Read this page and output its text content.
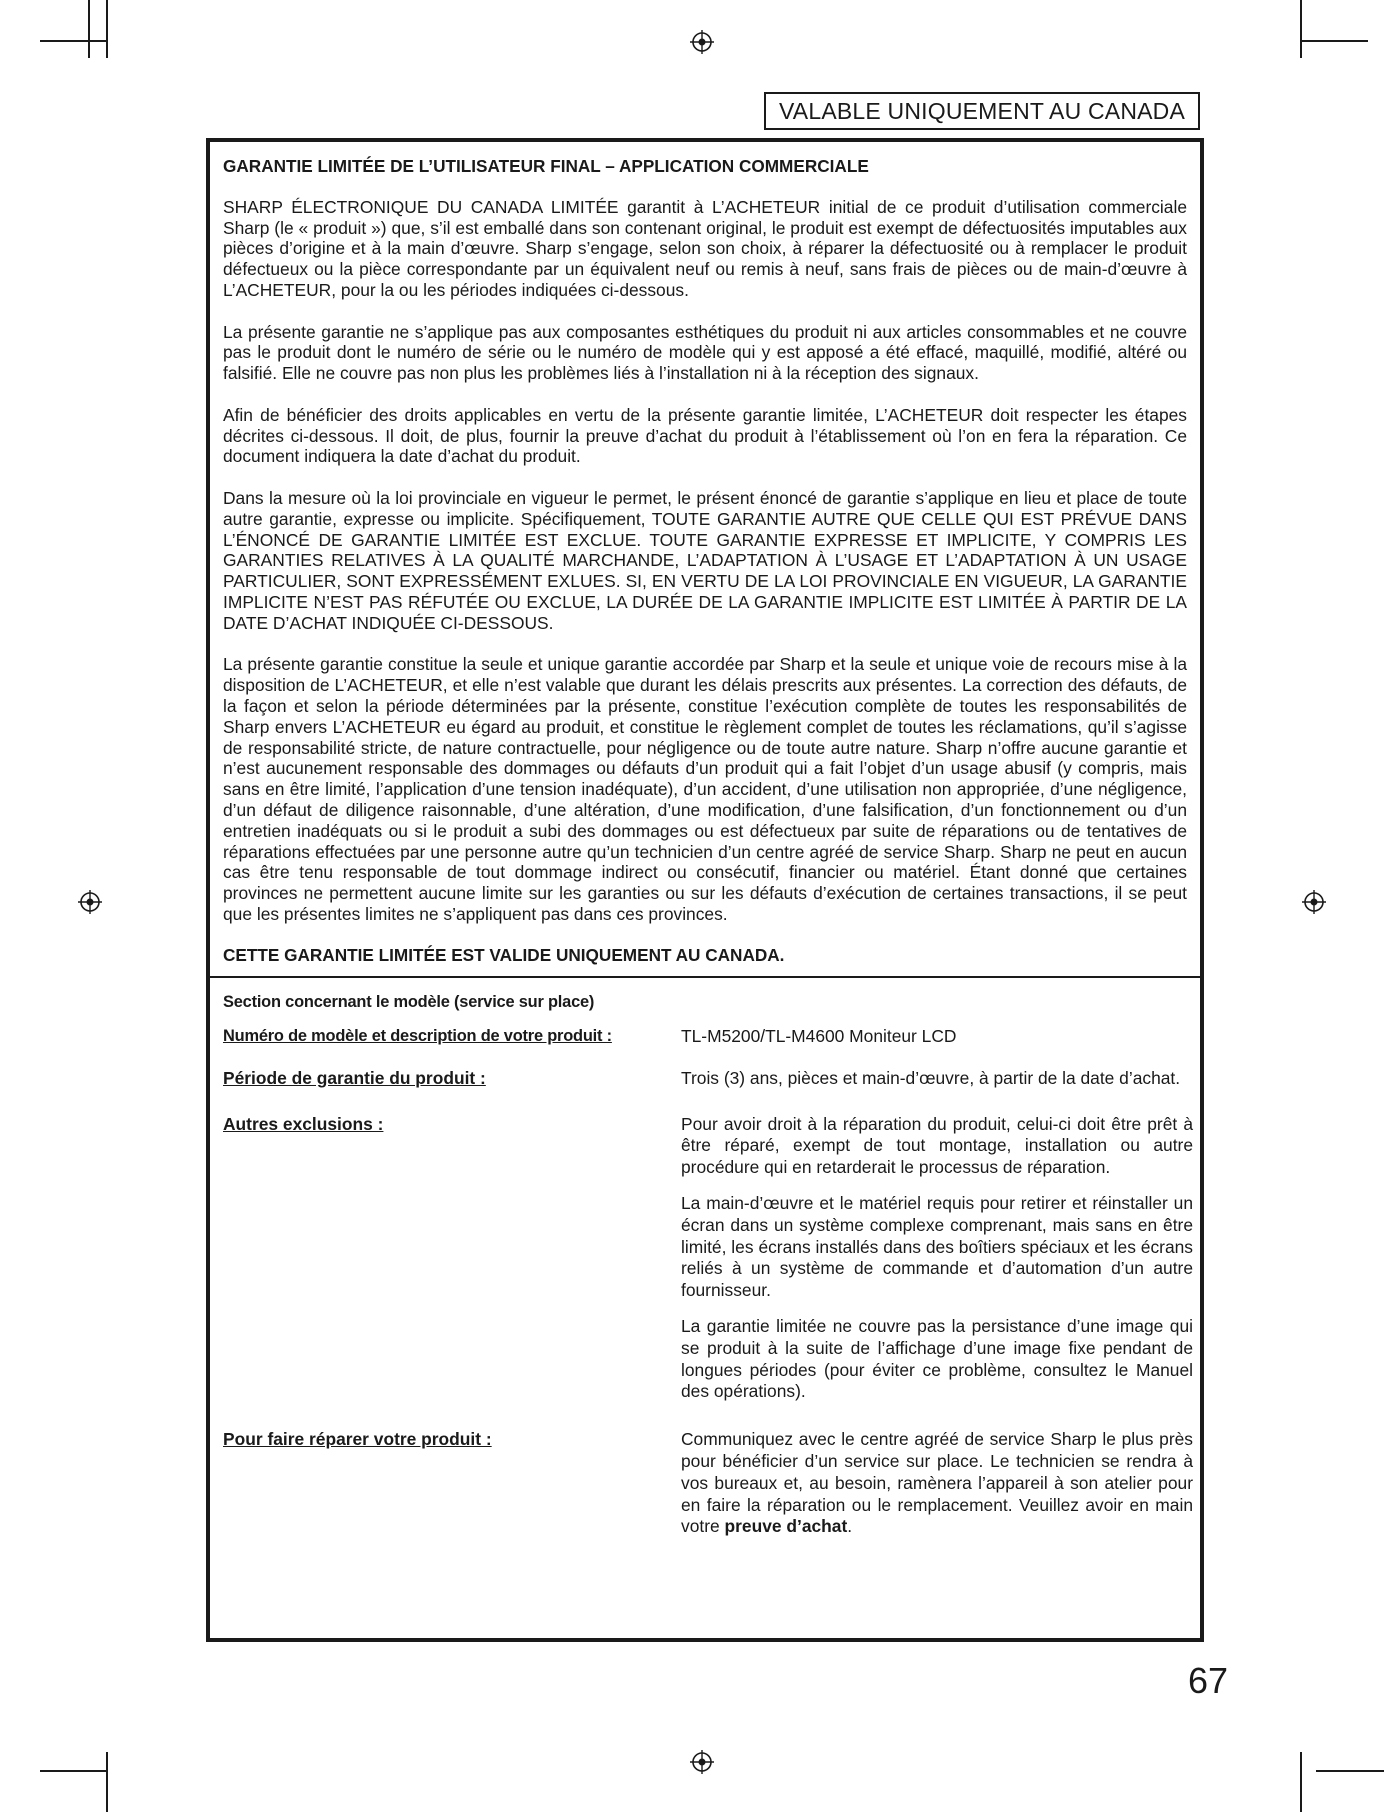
VALABLE UNIQUEMENT AU CANADA

GARANTIE LIMITÉE DE L’UTILISATEUR FINAL – APPLICATION COMMERCIALE

SHARP ÉLECTRONIQUE DU CANADA LIMITÉE garantit à L’ACHETEUR initial de ce produit d’utilisation commerciale Sharp (le « produit ») que, s’il est emballé dans son contenant original, le produit est exempt de défectuosités imputables aux pièces d’origine et à la main d’œuvre. Sharp s’engage, selon son choix, à réparer la défectuosité ou à remplacer le produit défectueux ou la pièce correspondante par un équivalent neuf ou remis à neuf, sans frais de pièces ou de main-d’œuvre à L’ACHETEUR, pour la ou les périodes indiquées ci-dessous.

La présente garantie ne s’applique pas aux composantes esthétiques du produit ni aux articles consommables et ne couvre pas le produit dont le numéro de série ou le numéro de modèle qui y est apposé a été effacé, maquillé, modifié, altéré ou falsifié. Elle ne couvre pas non plus les problèmes liés à l’installation ni à la réception des signaux.

Afin de bénéficier des droits applicables en vertu de la présente garantie limitée, L’ACHETEUR doit respecter les étapes décrites ci-dessous. Il doit, de plus, fournir la preuve d’achat du produit à l’établissement où l’on en fera la réparation. Ce document indiquera la date d’achat du produit.

Dans la mesure où la loi provinciale en vigueur le permet, le présent énoncé de garantie s’applique en lieu et place de toute autre garantie, expresse ou implicite. Spécifiquement, TOUTE GARANTIE AUTRE QUE CELLE QUI EST PRÉVUE DANS L’ÉNONCÉ DE GARANTIE LIMITÉE EST EXCLUE. TOUTE GARANTIE EXPRESSE ET IMPLICITE, Y COMPRIS LES GARANTIES RELATIVES À LA QUALITÉ MARCHANDE, L’ADAPTATION À L’USAGE ET L’ADAPTATION À UN USAGE PARTICULIER, SONT EXPRESSÉMENT EXLUES. SI, EN VERTU DE LA LOI PROVINCIALE EN VIGUEUR, LA GARANTIE IMPLICITE N’EST PAS RÉFUTÉE OU EXCLUE, LA DURÉE DE LA GARANTIE IMPLICITE EST LIMITÉE À PARTIR DE LA DATE D’ACHAT INDIQUÉE CI-DESSOUS.

La présente garantie constitue la seule et unique garantie accordée par Sharp et la seule et unique voie de recours mise à la disposition de L’ACHETEUR, et elle n’est valable que durant les délais prescrits aux présentes. La correction des défauts, de la façon et selon la période déterminées par la présente, constitue l’exécution complète de toutes les responsabilités de Sharp envers L’ACHETEUR eu égard au produit, et constitue le règlement complet de toutes les réclamations, qu’il s’agisse de responsabilité stricte, de nature contractuelle, pour négligence ou de toute autre nature. Sharp n’offre aucune garantie et n’est aucunement responsable des dommages ou défauts d’un produit qui a fait l’objet d’un usage abusif (y compris, mais sans en être limité, l’application d’une tension inadéquate), d’un accident, d’une utilisation non appropriée, d’une négligence, d’un défaut de diligence raisonnable, d’une altération, d’une modification, d’une falsification, d’un fonctionnement ou d’un entretien inadéquats ou si le produit a subi des dommages ou est défectueux par suite de réparations ou de tentatives de réparations effectuées par une personne autre qu’un technicien d’un centre agréé de service Sharp. Sharp ne peut en aucun cas être tenu responsable de tout dommage indirect ou consécutif, financier ou matériel. Étant donné que certaines provinces ne permettent aucune limite sur les garanties ou sur les défauts d’exécution de certaines transactions, il se peut que les présentes limites ne s’appliquent pas dans ces provinces.

CETTE GARANTIE LIMITÉE EST VALIDE UNIQUEMENT AU CANADA.

Section concernant le modèle (service sur place)
Numéro de modèle et description de votre produit :	TL-M5200/TL-M4600 Moniteur LCD
Période de garantie du produit :	Trois (3) ans, pièces et main-d’œuvre, à partir de la date d’achat.

Autres exclusions :	Pour avoir droit à la réparation du produit, celui-ci doit être prêt à être réparé, exempt de tout montage, installation ou autre procédure qui en retarderait le processus de réparation.

La main-d’œuvre et le matériel requis pour retirer et réinstaller un écran dans un système complexe comprenant, mais sans en être limité, les écrans installés dans des boîtiers spéciaux et les écrans reliés à un système de commande et d’automation d’un autre fournisseur.

La garantie limitée ne couvre pas la persistance d’une image qui se produit à la suite de l’affichage d’une image fixe pendant de longues périodes (pour éviter ce problème, consultez le Manuel des opérations).

Pour faire réparer votre produit :	Communiquez avec le centre agréé de service Sharp le plus près pour bénéficier d’un service sur place. Le technicien se rendra à vos bureaux et, au besoin, ramènera l’appareil à son atelier pour en faire la réparation ou le remplacement. Veuillez avoir en main votre preuve d’achat.

67
